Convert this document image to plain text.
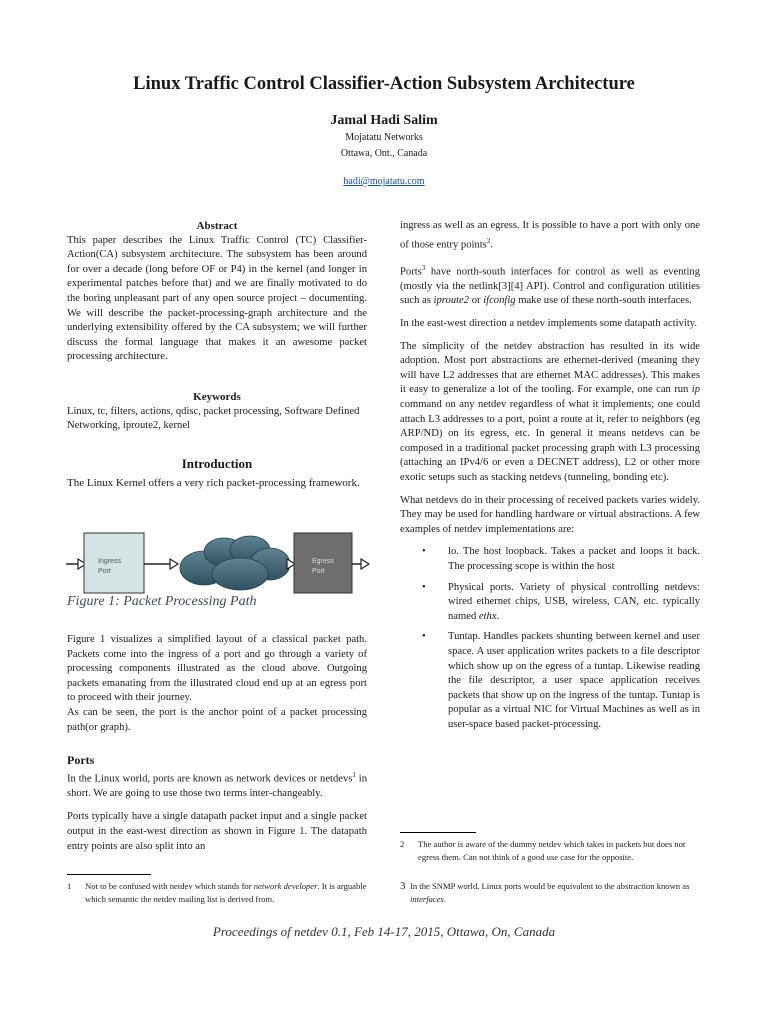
Linux Traffic Control Classifier-Action Subsystem Architecture
Jamal Hadi Salim
Mojatatu Networks
Ottawa, Ont., Canada
hadi@mojatatu.com
Abstract

This paper describes the Linux Traffic Control (TC) Classifier-Action(CA) subsystem architecture. The subsystem has been around for over a decade (long before OF or P4) in the kernel (and longer in experimental patches before that) and we are finally motivated to do the boring unpleasant part of any open source project – documenting. We will describe the packet-processing-graph architecture and the underlying extensibility offered by the CA subsystem; we will further discuss the formal language that makes it an awesome packet processing architecture.

Keywords

Linux, tc, filters, actions, qdisc, packet processing, Software Defined Networking, iproute2, kernel

Introduction

The Linux Kernel offers a very rich packet-processing framework.

Ingress
Port
Egress
Port
Figure 1: Packet Processing Path

Figure 1 visualizes a simplified layout of a classical packet path. Packets come into the ingress of a port and go through a variety of processing components illustrated as the cloud above. Outgoing packets emanating from the illustrated cloud end up at an egress port to proceed with their journey.

As can be seen, the port is the anchor point of a packet processing path(or graph).

Ports

In the Linux world, ports are known as network devices or netdevs$^1$ in short. We are going to use those two terms inter-changeably.

Ports typically have a single datapath packet input and a single packet output in the east-west direction as shown in Figure 1. The datapath entry points are also split into an

1	Not to be confused with netdev which stands for network developer. It is arguable which semantic the netdev mailing list is derived from.

ingress as well as an egress. It is possible to have a port with only one of those entry points$^2$.

Ports$^3$ have north-south interfaces for control as well as eventing (mostly via the netlink[3][4] API). Control and configuration utilities such as iproute2 or ifconfig make use of these north-south interfaces.

In the east-west direction a netdev implements some datapath activity.

The simplicity of the netdev abstraction has resulted in its wide adoption. Most port abstractions are ethernet-derived (meaning they will have L2 addresses that are ethernet MAC addresses). This makes it easy to generalize a lot of the tooling. For example, one can run ip command on any netdev regardless of what it implements; one could attach L3 addresses to a port, point a route at it, refer to neighbors (eg ARP/ND) on its egress, etc. In general it means netdevs can be composed in a traditional packet processing graph with L3 processing (attaching an IPv4/6 or even a DECNET address), L2 or other more exotic setups such as stacking netdevs (tunneling, bonding etc).

What netdevs do in their processing of received packets varies widely. They may be used for handling hardware or virtual abstractions. A few examples of netdev implementations are:

•	lo. The host loopback. Takes a packet and loops it back. The processing scope is within the host
•	Physical ports. Variety of physical controlling netdevs: wired ethernet chips, USB, wireless, CAN, etc. typically named ethx.
•	Tuntap. Handles packets shunting between kernel and user space. A user application writes packets to a file descriptor which show up on the egress of a tuntap. Likewise reading the file descriptor, a user space application receives packets that show up on the ingress of the tuntap. Tuntap is popular as a virtual NIC for Virtual Machines as well as in user-space based packet-processing.
2	The author is aware of the dummy netdev which takes in packets but does not egress them. Can not think of a good use case for the opposite.
3 In the SNMP world, Linux ports would be equivalent to the abstraction known as interfaces.
Proceedings of netdev 0.1, Feb 14-17, 2015, Ottawa, On, Canada
